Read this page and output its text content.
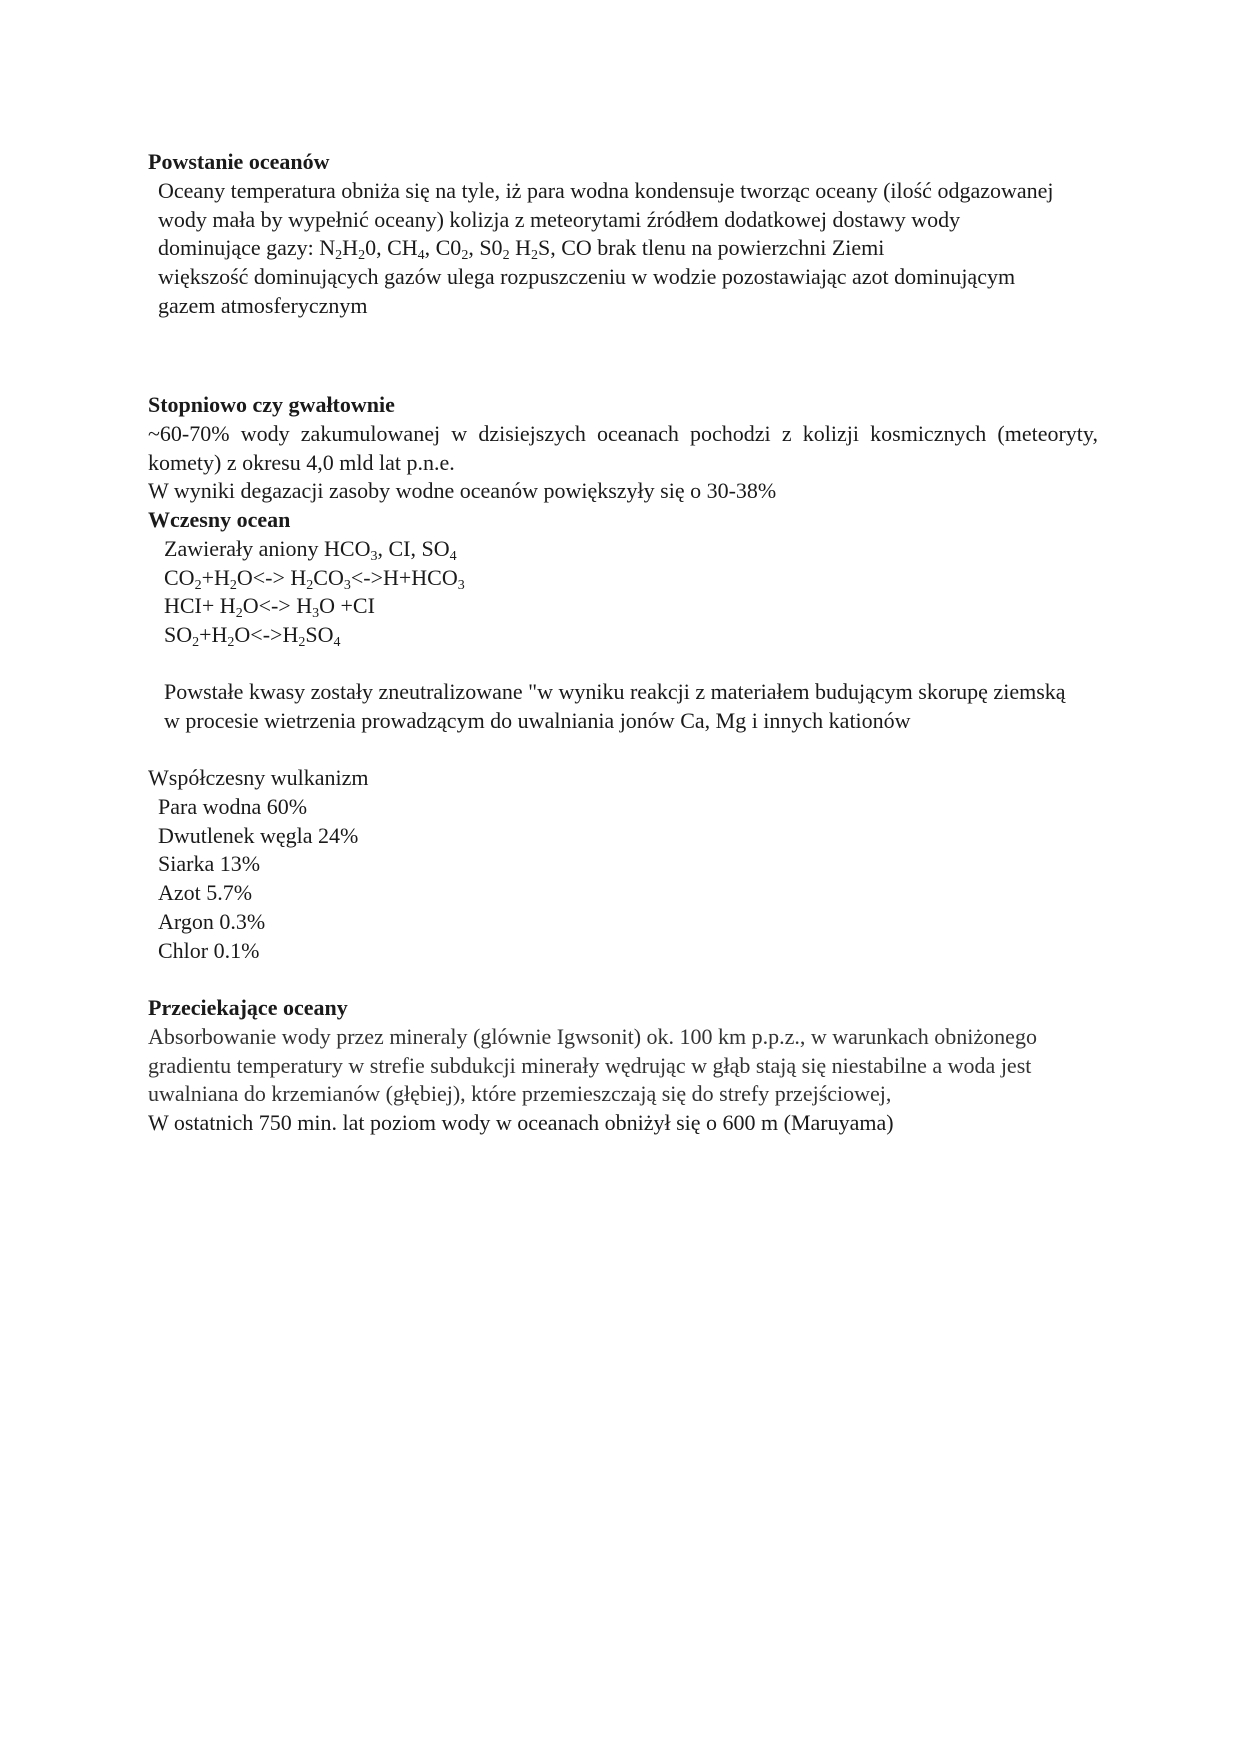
Powstanie oceanów
Oceany temperatura obniża się na tyle, iż para wodna kondensuje tworząc oceany (ilość odgazowanej wody mała by wypełnić oceany) kolizja z meteorytami źródłem dodatkowej dostawy wody
dominujące gazy: $N_2H_20$, $CH_4$, $C0_2$, $S0_2$ $H_2S$, CO brak tlenu na powierzchni Ziemi
większość dominujących gazów ulega rozpuszczeniu w wodzie pozostawiając azot dominującym gazem atmosferycznym
Stopniowo czy gwałtownie
~60-70% wody zakumulowanej w dzisiejszych oceanach pochodzi z kolizji kosmicznych (meteoryty, komety) z okresu 4,0 mld lat p.n.e.
W wyniki degazacji zasoby wodne oceanów powiększyły się o 30-38%
Wczesny ocean
Zawierały aniony $HCO_3$, CI, $SO_4$
$CO_2+H_2O<-> H_2CO_3<->H+HCO_3$
$HCI+ H_2O<-> H_3O +CI$
$SO_2+H_2O<->H_2SO_4$
Powstałe kwasy zostały zneutralizowane "w wyniku reakcji z materiałem budującym skorupę ziemską w procesie wietrzenia prowadzącym do uwalniania jonów Ca, Mg i innych kationów
Współczesny wulkanizm
Para wodna 60%
Dwutlenek węgla 24%
Siarka 13%
Azot 5.7%
Argon 0.3%
Chlor 0.1%
Przeciekające oceany
Absorbowanie wody przez mineraly (glównie Igwsonit) ok. 100 km p.p.z., w warunkach obniżonego gradientu temperatury w strefie subdukcji minerały wędrując w głąb stają się niestabilne a woda jest uwalniana do krzemianów (głębiej), które przemieszczają się do strefy przejściowej,
W ostatnich 750 min. lat poziom wody w oceanach obniżył się o 600 m (Maruyama)
